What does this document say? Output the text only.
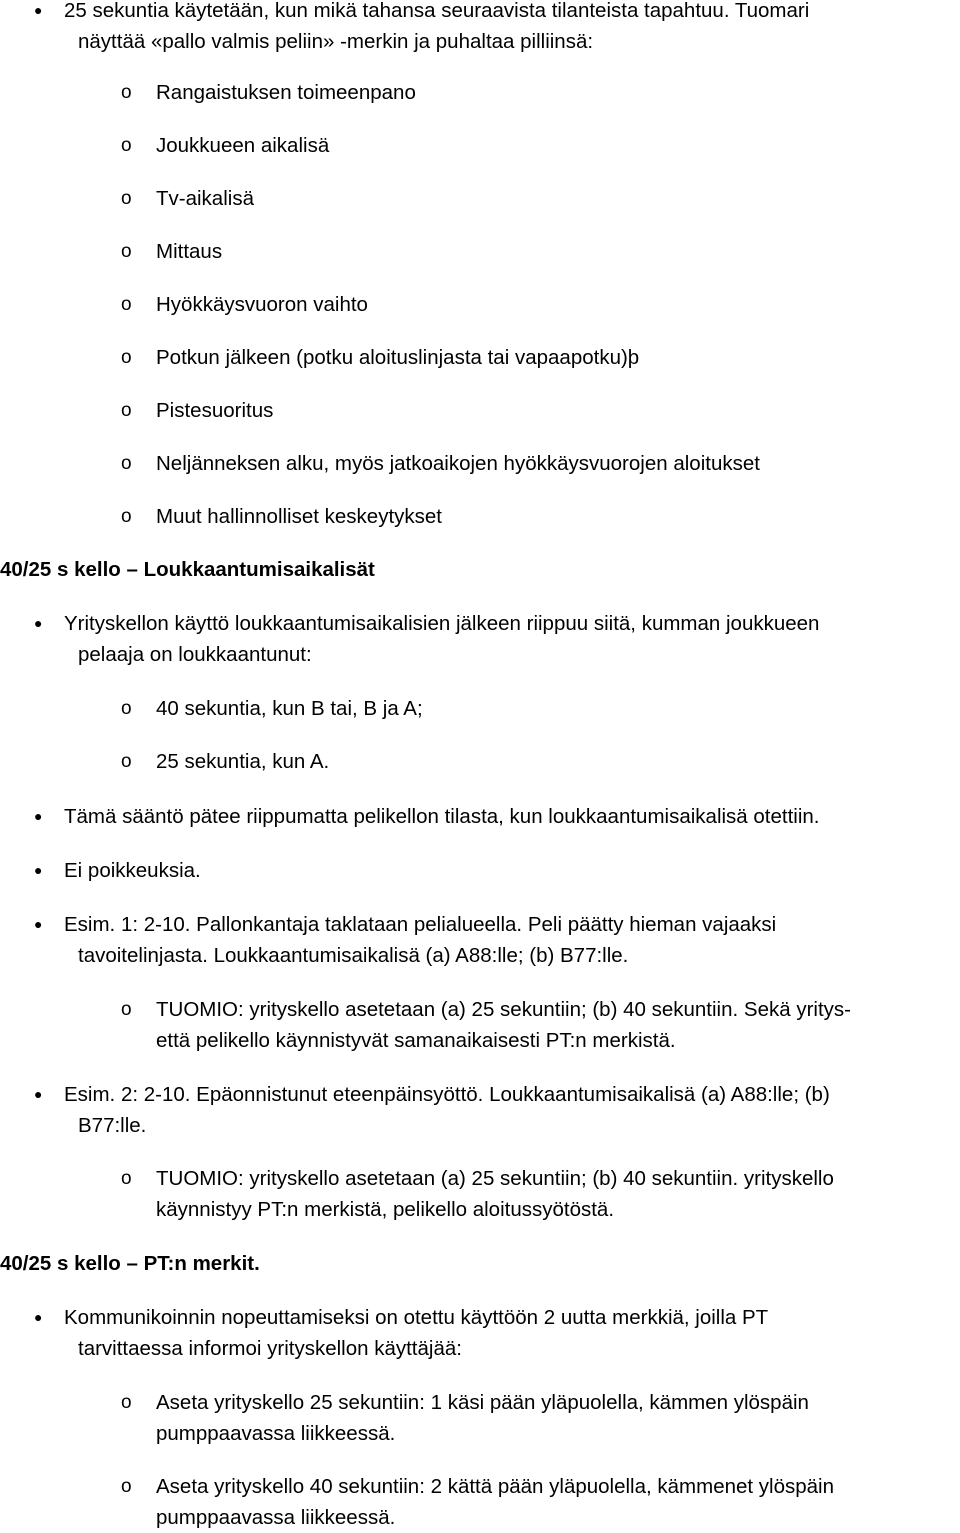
●	25 sekuntia käytetään, kun mikä tahansa seuraavista tilanteista tapahtuu. Tuomari
näyttää «pallo valmis peliin» -merkin ja puhaltaa pilliinsä:
o	Rangaistuksen toimeenpano
o	Joukkueen aikalisä
o	Tv-aikalisä
o	Mittaus
o	Hyökkäysvuoron vaihto
o	Potkun jälkeen (potku aloituslinjasta tai vapaapotku)þ
o	Pistesuoritus
o	Neljänneksen alku, myös jatkoaikojen hyökkäysvuorojen aloitukset
o	Muut hallinnolliset keskeytykset
40/25 s kello – Loukkaantumisaikalisät
●	Yrityskellon käyttö loukkaantumisaikalisien jälkeen riippuu siitä, kumman joukkueen
pelaaja on loukkaantunut:
o	40 sekuntia, kun B tai, B ja A;
o	25 sekuntia, kun A.
●	Tämä sääntö pätee riippumatta pelikellon tilasta, kun loukkaantumisaikalisä otettiin.
●	Ei poikkeuksia.
●	Esim. 1: 2-10. Pallonkantaja taklataan pelialueella. Peli päätty hieman vajaaksi
tavoitelinjasta. Loukkaantumisaikalisä (a) A88:lle; (b) B77:lle.
o	TUOMIO: yrityskello asetetaan (a) 25 sekuntiin; (b) 40 sekuntiin. Sekä yritys-
että pelikello käynnistyvät samanaikaisesti PT:n merkistä.
●	Esim. 2: 2-10. Epäonnistunut eteenpäinsyöttö. Loukkaantumisaikalisä (a) A88:lle; (b)
B77:lle.
o	TUOMIO: yrityskello asetetaan (a) 25 sekuntiin; (b) 40 sekuntiin. yrityskello
käynnistyy PT:n merkistä, pelikello aloitussyötöstä.
40/25 s kello – PT:n merkit.
●	Kommunikoinnin nopeuttamiseksi on otettu käyttöön 2 uutta merkkiä, joilla PT
tarvittaessa informoi yrityskellon käyttäjää:
o	Aseta yrityskello 25 sekuntiin: 1 käsi pään yläpuolella, kämmen ylöspäin
pumppaavassa liikkeessä.
o	Aseta yrityskello 40 sekuntiin: 2 kättä pään yläpuolella, kämmenet ylöspäin
pumppaavassa liikkeessä.
